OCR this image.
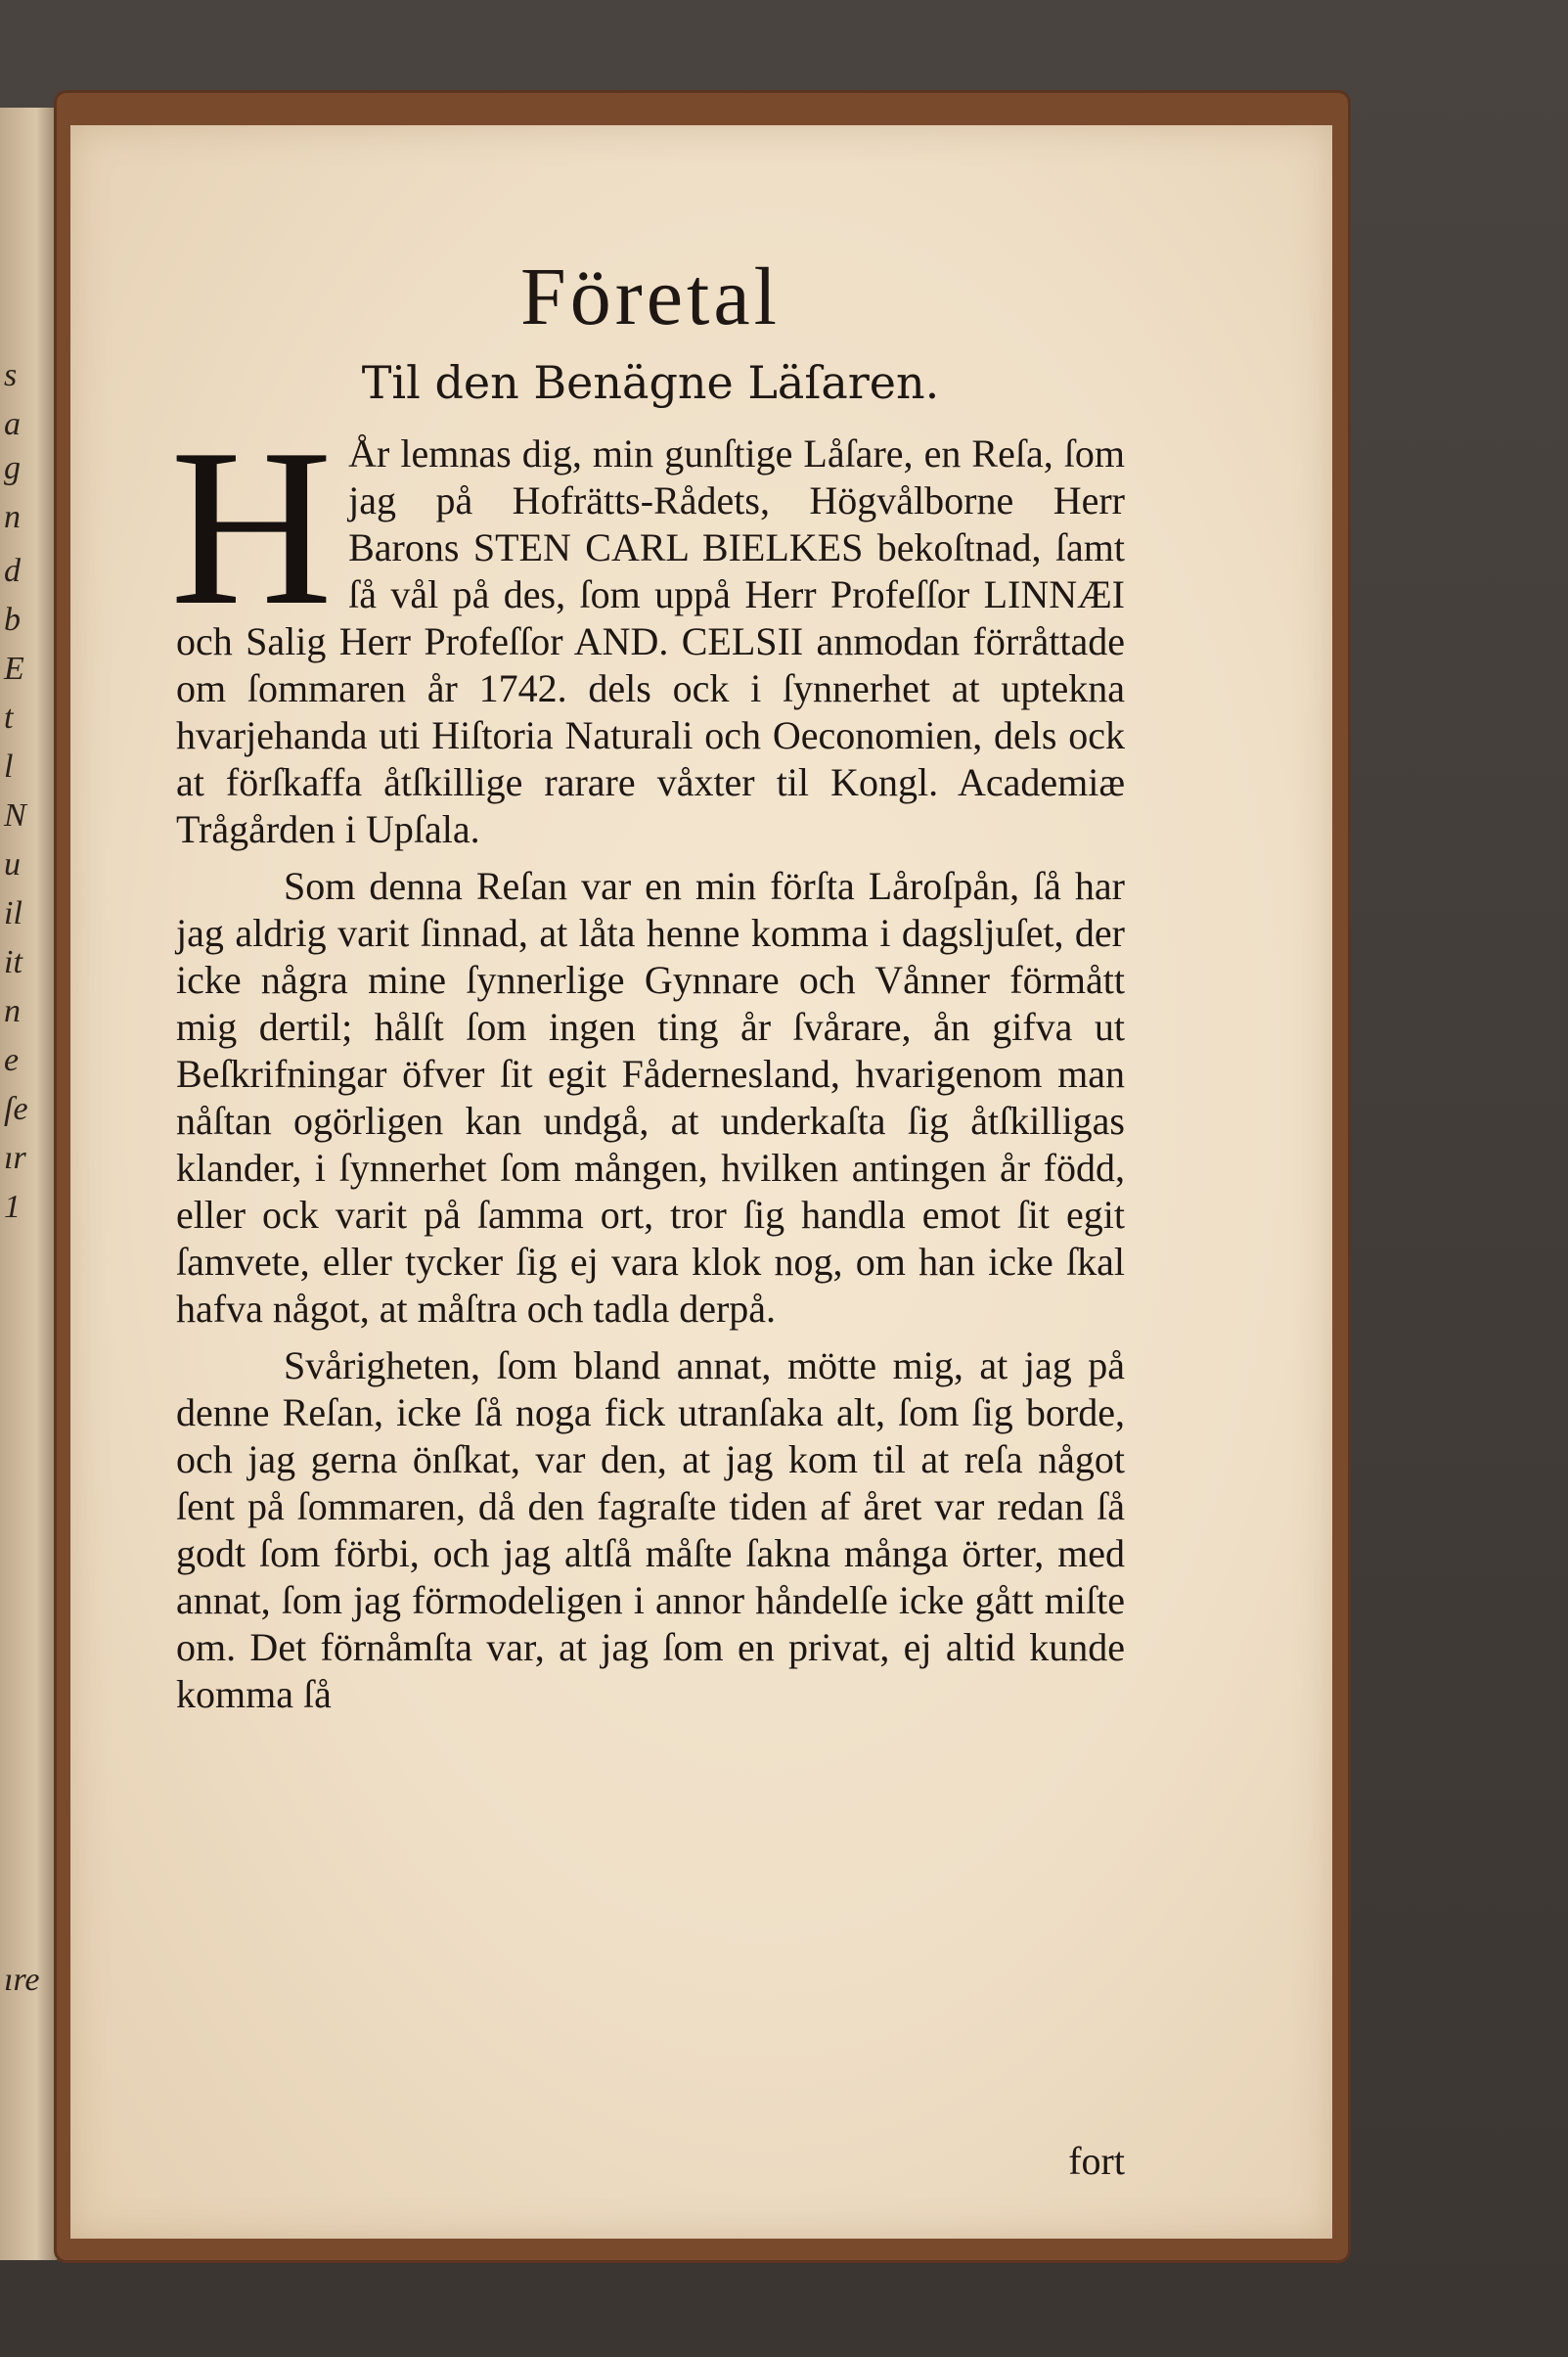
s
a
g
n
d
b
E
t
l
N
u
il
it
n
e
ſe
ır
1
ıre
Företal
Til den Benägne Läſaren.

H År lemnas dig, min gunſtige Låſare, en Reſa, ſom jag på Hofrätts-Rådets, Högvålborne Herr Barons STEN CARL BIELKES bekoſtnad, ſamt ſå vål på des, ſom uppå Herr Profeſſor LINNÆI och Salig Herr Profeſſor AND. CELSII anmodan förråttade om ſommaren år 1742. dels ock i ſynnerhet at uptekna hvarjehanda uti Hiſtoria Naturali och Oeconomien, dels ock at förſkaffa åtſkillige rarare våxter til Kongl. Academiæ Trågården i Upſala.

Som denna Reſan var en min förſta Låroſpån, ſå har jag aldrig varit ſinnad, at låta henne komma i dagsljuſet, der icke några mine ſynnerlige Gynnare och Vånner förmått mig dertil; hålſt ſom ingen ting år ſvårare, ån gifva ut Beſkrifningar öfver ſit egit Fådernesland, hvarigenom man nåſtan ogörligen kan undgå, at underkaſta ſig åtſkilligas klander, i ſynnerhet ſom mången, hvilken antingen år född, eller ock varit på ſamma ort, tror ſig handla emot ſit egit ſamvete, eller tycker ſig ej vara klok nog, om han icke ſkal hafva något, at måſtra och tadla derpå.

Svårigheten, ſom bland annat, mötte mig, at jag på denne Reſan, icke ſå noga fick utranſaka alt, ſom ſig borde, och jag gerna önſkat, var den, at jag kom til at reſa något ſent på ſommaren, då den fagraſte tiden af året var redan ſå godt ſom förbi, och jag altſå måſte ſakna många örter, med annat, ſom jag förmodeligen i annor håndelſe icke gått miſte om. Det förnåmſta var, at jag ſom en privat, ej altid kunde komma ſå

fort
